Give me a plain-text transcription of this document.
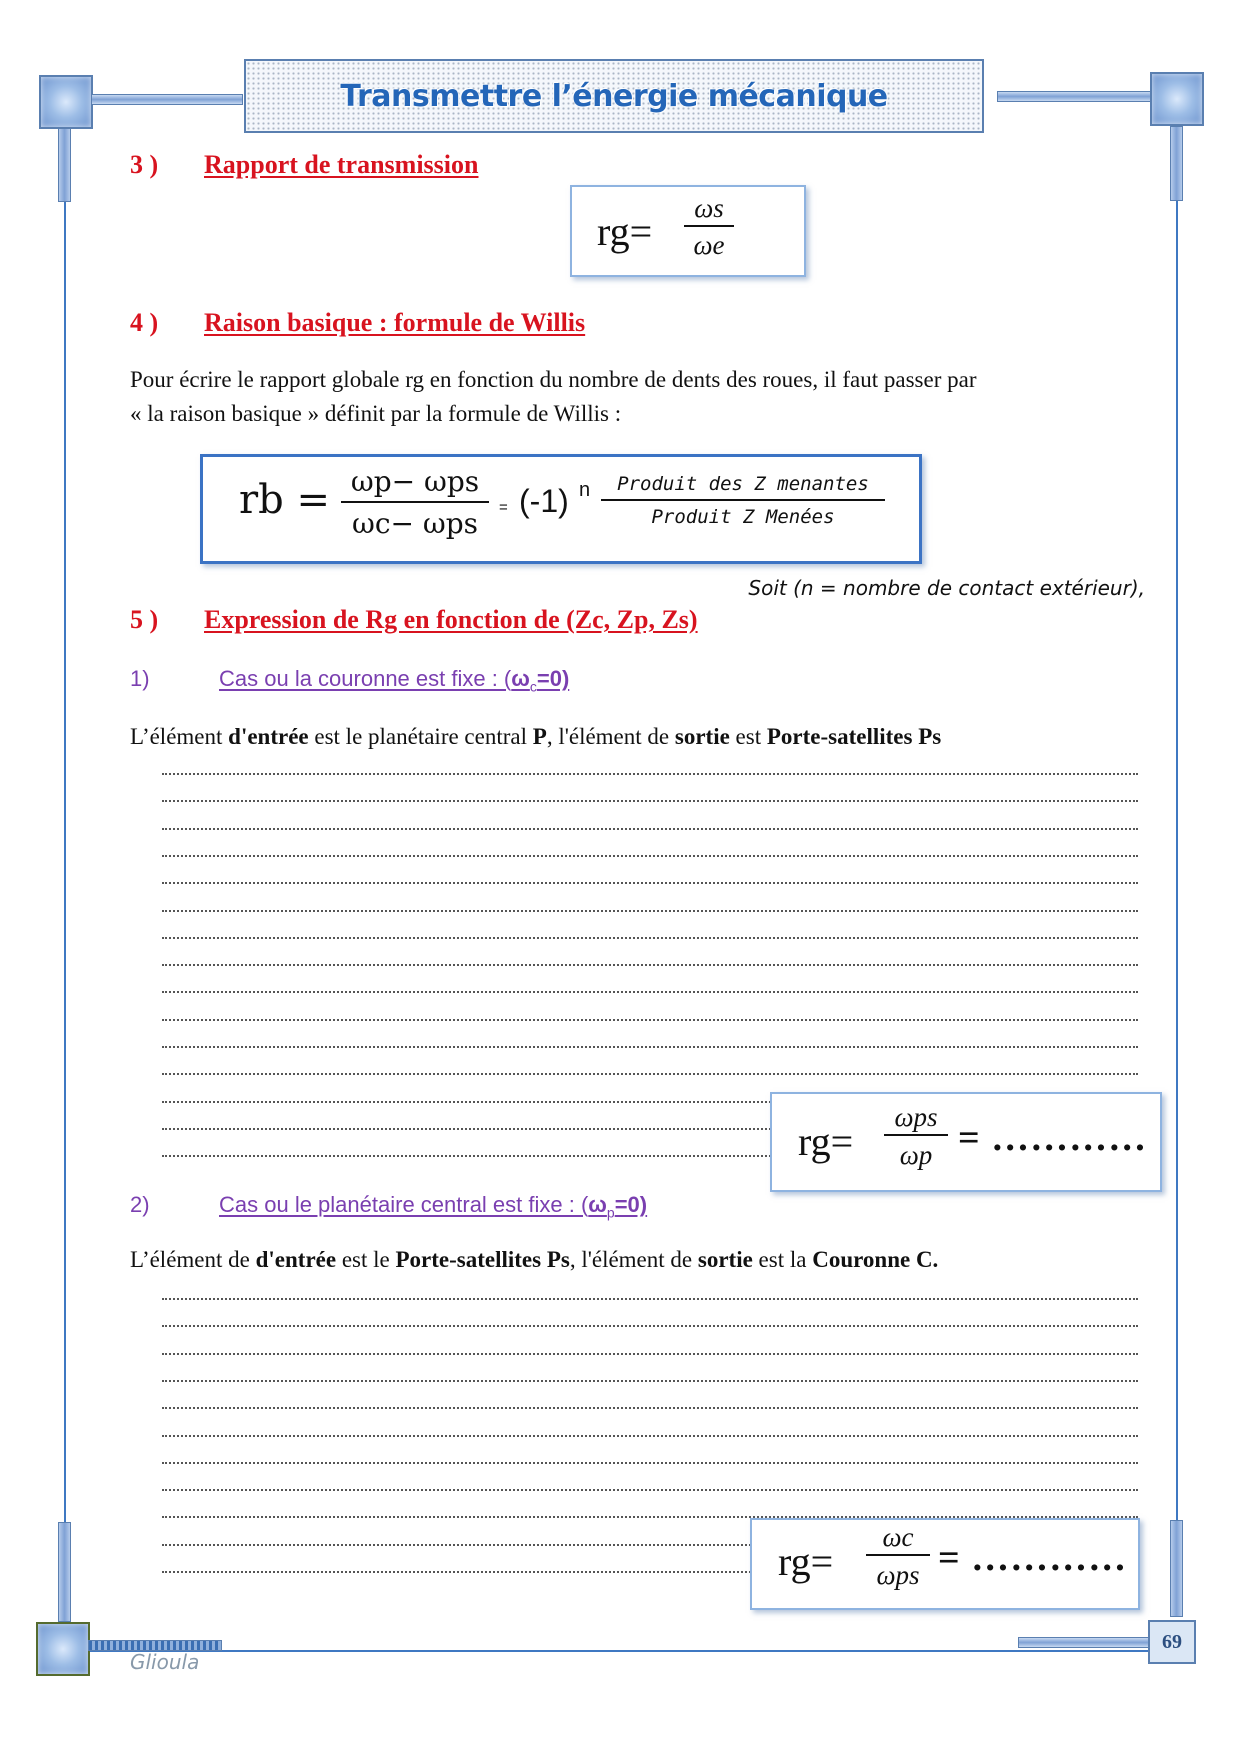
Transmettre l’énergie mécanique
3 ) Rapport de transmission
rg=
ωs
ωe
4 ) Raison basique : formule de Willis
Pour écrire le rapport globale rg en fonction du nombre de dents des roues, il faut passer par
« la raison basique » définit par la formule de Willis :
rb = ωp− ωps
ωc− ωps = (-1) n Produit des Z menantes
Produit Z Menées
Soit (n = nombre de contact extérieur),
5 ) Expression de Rg en fonction de (Zc, Zp, Zs)
1)	Cas ou la couronne est fixe : $(\omega_c=0)$
L’élément d'entrée est le planétaire central P, l'élément de sortie est Porte-satellites Ps
rg=
ωps
ωp = …………
2)	Cas ou le planétaire central est fixe : $(\omega_p=0)$
L’élément de d'entrée est le Porte-satellites Ps, l'élément de sortie est la Couronne C.
rg=
ωc
ωps = …………
Glioula
69
